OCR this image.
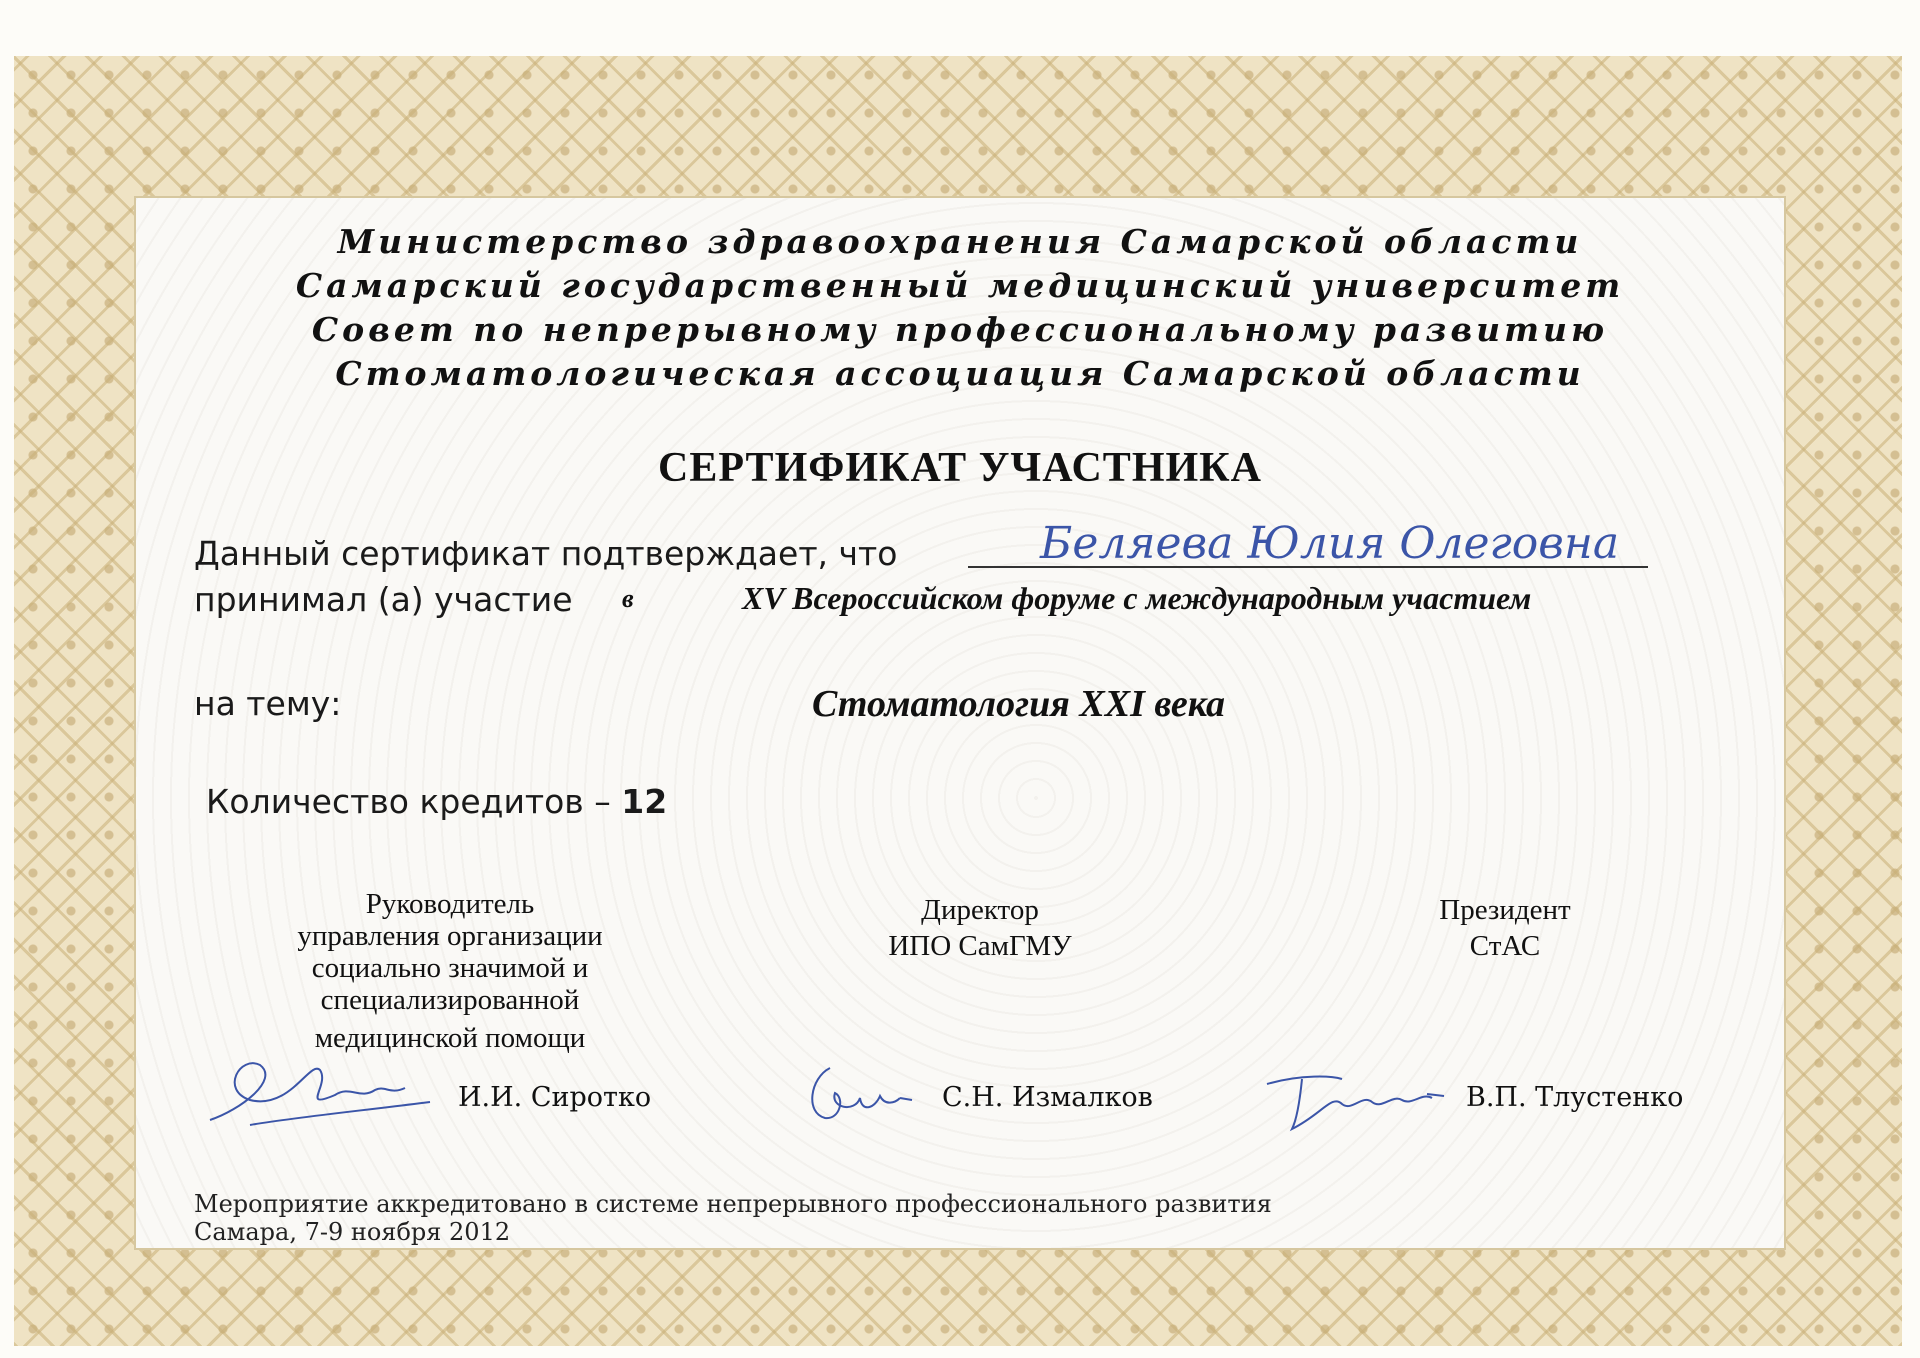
Министерство здравоохранения Самарской области
Самарский государственный медицинский университет
Совет по непрерывному профессиональному развитию
Стоматологическая ассоциация Самарской области
СЕРТИФИКАТ УЧАСТНИКА
Данный сертификат подтверждает, что	Беляева Юлия Олеговна
принимал (а) участие в	XV Всероссийском форуме с международным участием
на тему:	Стоматология XXI века
Количество кредитов – 12
Руководитель
управления организации
социально значимой и
специализированной
медицинской помощи
Директор
ИПО СамГМУ
Президент
СтАС
И.И. Сиротко	С.Н. Измалков	В.П. Тлустенко
Мероприятие аккредитовано в системе непрерывного профессионального развития
Самара, 7-9 ноября 2012
